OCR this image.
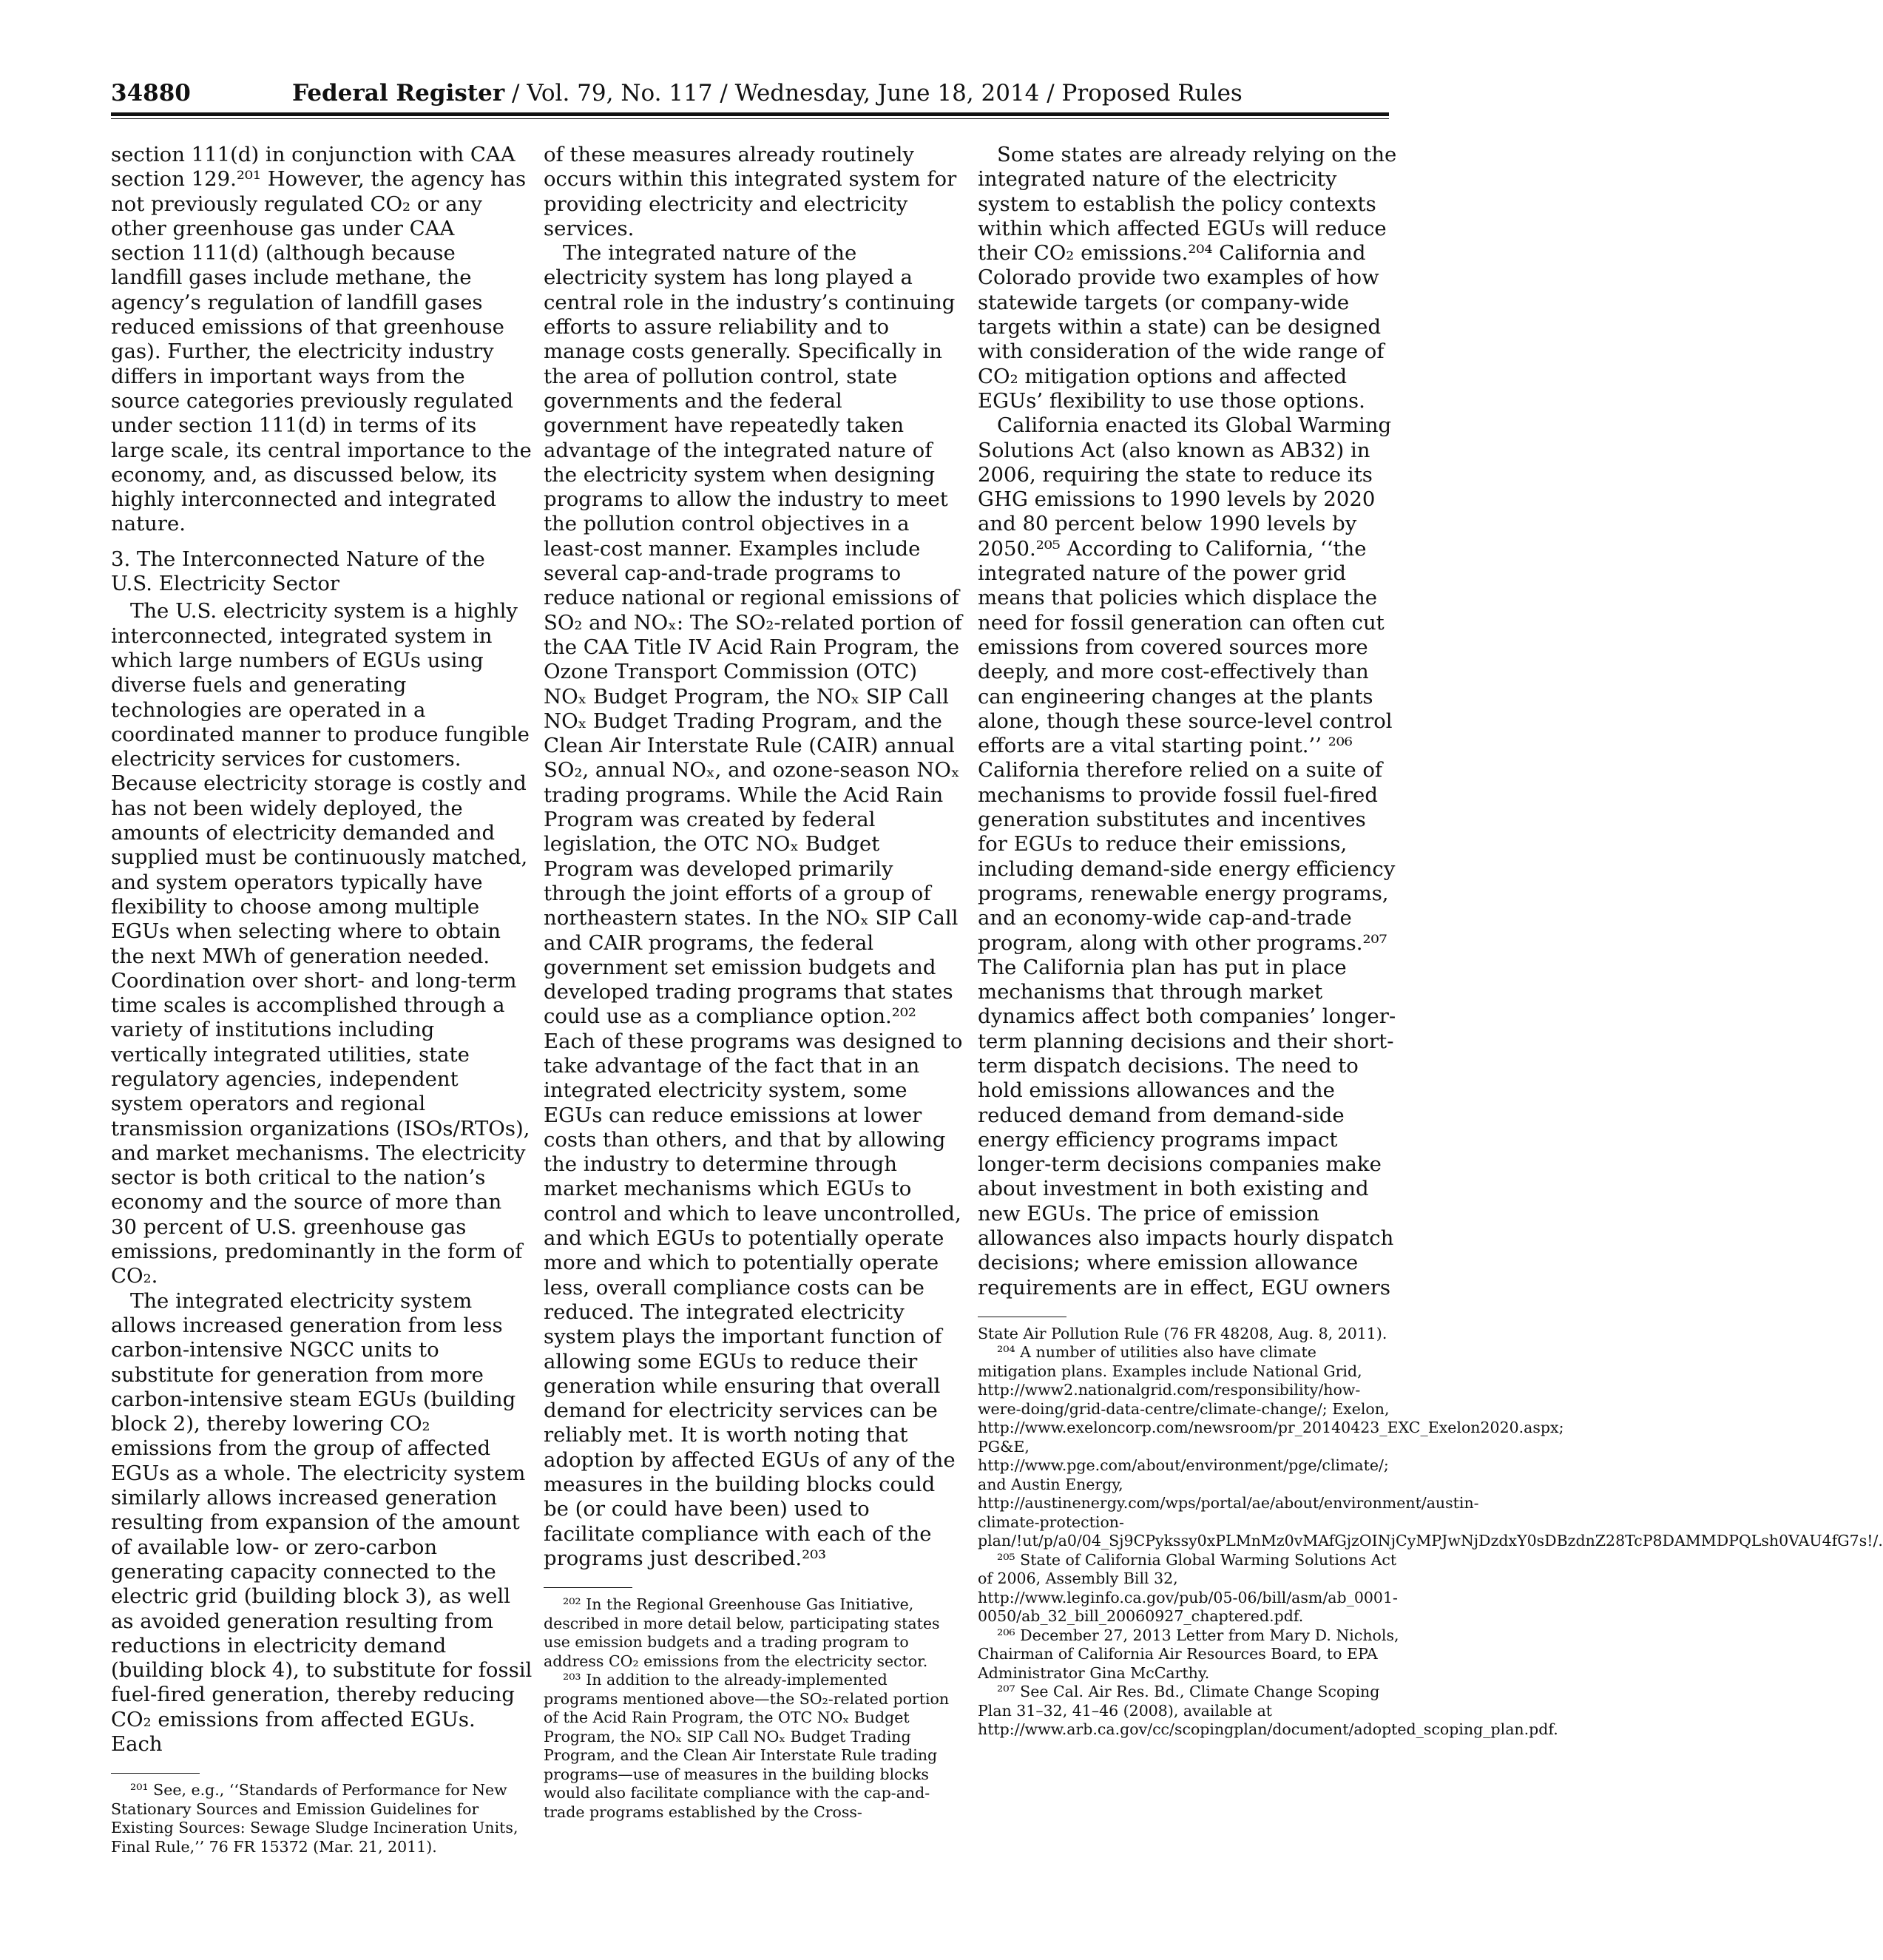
34880	Federal Register / Vol. 79, No. 117 / Wednesday, June 18, 2014 / Proposed Rules

section 111(d) in conjunction with CAA section 129.²⁰¹ However, the agency has not previously regulated CO₂ or any other greenhouse gas under CAA section 111(d) (although because landfill gases include methane, the agency’s regulation of landfill gases reduced emissions of that greenhouse gas). Further, the electricity industry differs in important ways from the source categories previously regulated under section 111(d) in terms of its large scale, its central importance to the economy, and, as discussed below, its highly interconnected and integrated nature.

3. The Interconnected Nature of the U.S. Electricity Sector

The U.S. electricity system is a highly interconnected, integrated system in which large numbers of EGUs using diverse fuels and generating technologies are operated in a coordinated manner to produce fungible electricity services for customers. Because electricity storage is costly and has not been widely deployed, the amounts of electricity demanded and supplied must be continuously matched, and system operators typically have flexibility to choose among multiple EGUs when selecting where to obtain the next MWh of generation needed. Coordination over short- and long-term time scales is accomplished through a variety of institutions including vertically integrated utilities, state regulatory agencies, independent system operators and regional transmission organizations (ISOs/RTOs), and market mechanisms. The electricity sector is both critical to the nation’s economy and the source of more than 30 percent of U.S. greenhouse gas emissions, predominantly in the form of CO₂.

The integrated electricity system allows increased generation from less carbon-intensive NGCC units to substitute for generation from more carbon-intensive steam EGUs (building block 2), thereby lowering CO₂ emissions from the group of affected EGUs as a whole. The electricity system similarly allows increased generation resulting from expansion of the amount of available low- or zero-carbon generating capacity connected to the electric grid (building block 3), as well as avoided generation resulting from reductions in electricity demand (building block 4), to substitute for fossil fuel-fired generation, thereby reducing CO₂ emissions from affected EGUs. Each

²⁰¹ See, e.g., ‘‘Standards of Performance for New Stationary Sources and Emission Guidelines for Existing Sources: Sewage Sludge Incineration Units, Final Rule,’’ 76 FR 15372 (Mar. 21, 2011).

of these measures already routinely occurs within this integrated system for providing electricity and electricity services.

The integrated nature of the electricity system has long played a central role in the industry’s continuing efforts to assure reliability and to manage costs generally. Specifically in the area of pollution control, state governments and the federal government have repeatedly taken advantage of the integrated nature of the electricity system when designing programs to allow the industry to meet the pollution control objectives in a least-cost manner. Examples include several cap-and-trade programs to reduce national or regional emissions of SO₂ and NOₓ: The SO₂-related portion of the CAA Title IV Acid Rain Program, the Ozone Transport Commission (OTC) NOₓ Budget Program, the NOₓ SIP Call NOₓ Budget Trading Program, and the Clean Air Interstate Rule (CAIR) annual SO₂, annual NOₓ, and ozone-season NOₓ trading programs. While the Acid Rain Program was created by federal legislation, the OTC NOₓ Budget Program was developed primarily through the joint efforts of a group of northeastern states. In the NOₓ SIP Call and CAIR programs, the federal government set emission budgets and developed trading programs that states could use as a compliance option.²⁰² Each of these programs was designed to take advantage of the fact that in an integrated electricity system, some EGUs can reduce emissions at lower costs than others, and that by allowing the industry to determine through market mechanisms which EGUs to control and which to leave uncontrolled, and which EGUs to potentially operate more and which to potentially operate less, overall compliance costs can be reduced. The integrated electricity system plays the important function of allowing some EGUs to reduce their generation while ensuring that overall demand for electricity services can be reliably met. It is worth noting that adoption by affected EGUs of any of the measures in the building blocks could be (or could have been) used to facilitate compliance with each of the programs just described.²⁰³

²⁰² In the Regional Greenhouse Gas Initiative, described in more detail below, participating states use emission budgets and a trading program to address CO₂ emissions from the electricity sector.

²⁰³ In addition to the already-implemented programs mentioned above—the SO₂-related portion of the Acid Rain Program, the OTC NOₓ Budget Program, the NOₓ SIP Call NOₓ Budget Trading Program, and the Clean Air Interstate Rule trading programs—use of measures in the building blocks would also facilitate compliance with the cap-and-trade programs established by the Cross-

Some states are already relying on the integrated nature of the electricity system to establish the policy contexts within which affected EGUs will reduce their CO₂ emissions.²⁰⁴ California and Colorado provide two examples of how statewide targets (or company-wide targets within a state) can be designed with consideration of the wide range of CO₂ mitigation options and affected EGUs’ flexibility to use those options.

California enacted its Global Warming Solutions Act (also known as AB32) in 2006, requiring the state to reduce its GHG emissions to 1990 levels by 2020 and 80 percent below 1990 levels by 2050.²⁰⁵ According to California, ‘‘the integrated nature of the power grid means that policies which displace the need for fossil generation can often cut emissions from covered sources more deeply, and more cost-effectively than can engineering changes at the plants alone, though these source-level control efforts are a vital starting point.’’ ²⁰⁶ California therefore relied on a suite of mechanisms to provide fossil fuel-fired generation substitutes and incentives for EGUs to reduce their emissions, including demand-side energy efficiency programs, renewable energy programs, and an economy-wide cap-and-trade program, along with other programs.²⁰⁷ The California plan has put in place mechanisms that through market dynamics affect both companies’ longer-term planning decisions and their short-term dispatch decisions. The need to hold emissions allowances and the reduced demand from demand-side energy efficiency programs impact longer-term decisions companies make about investment in both existing and new EGUs. The price of emission allowances also impacts hourly dispatch decisions; where emission allowance requirements are in effect, EGU owners

State Air Pollution Rule (76 FR 48208, Aug. 8, 2011).

²⁰⁴ A number of utilities also have climate mitigation plans. Examples include National Grid, http://www2.nationalgrid.com/responsibility/how-were-doing/grid-data-centre/climate-change/; Exelon, http://www.exeloncorp.com/newsroom/pr_20140423_EXC_Exelon2020.aspx; PG&E, http://www.pge.com/about/environment/pge/climate/; and Austin Energy, http://austinenergy.com/wps/portal/ae/about/environment/austin-climate-protection-plan/!ut/p/a0/04_Sj9CPykssy0xPLMnMz0vMAfGjzOINjCyMPJwNjDzdxY0sDBzdnZ28TcP8DAMMDPQLsh0VAU4fG7s!/.

²⁰⁵ State of California Global Warming Solutions Act of 2006, Assembly Bill 32, http://www.leginfo.ca.gov/pub/05-06/bill/asm/ab_0001-0050/ab_32_bill_20060927_chaptered.pdf.

²⁰⁶ December 27, 2013 Letter from Mary D. Nichols, Chairman of California Air Resources Board, to EPA Administrator Gina McCarthy.

²⁰⁷ See Cal. Air Res. Bd., Climate Change Scoping Plan 31–32, 41–46 (2008), available at http://www.arb.ca.gov/cc/scopingplan/document/adopted_scoping_plan.pdf.
